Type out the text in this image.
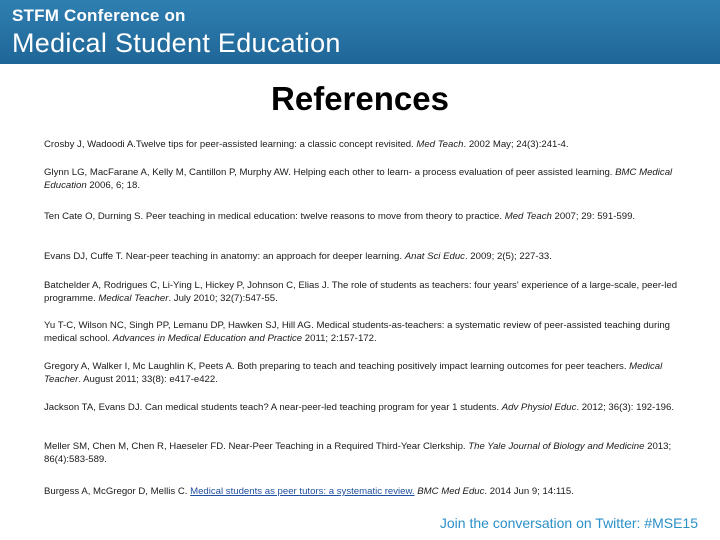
STFM Conference on
Medical Student Education
References
Crosby J, Wadoodi A.Twelve tips for peer-assisted learning: a classic concept revisited. Med Teach. 2002 May; 24(3):241-4.
Glynn LG, MacFarane A, Kelly M, Cantillon P, Murphy AW. Helping each other to learn- a process evaluation of peer assisted learning. BMC Medical Education 2006, 6; 18.
Ten Cate O, Durning S. Peer teaching in medical education: twelve reasons to move from theory to practice. Med Teach 2007; 29: 591-599.
Evans DJ, Cuffe T. Near-peer teaching in anatomy: an approach for deeper learning. Anat Sci Educ. 2009; 2(5); 227-33.
Batchelder A, Rodrigues C, Li-Ying L, Hickey P, Johnson C, Elias J. The role of students as teachers: four years' experience of a large-scale, peer-led programme. Medical Teacher. July 2010; 32(7):547-55.
Yu T-C, Wilson NC, Singh PP, Lemanu DP, Hawken SJ, Hill AG. Medical students-as-teachers: a systematic review of peer-assisted teaching during medical school. Advances in Medical Education and Practice 2011; 2:157-172.
Gregory A, Walker I, Mc Laughlin K, Peets A. Both preparing to teach and teaching positively impact learning outcomes for peer teachers. Medical Teacher. August 2011; 33(8): e417-e422.
Jackson TA, Evans DJ. Can medical students teach? A near-peer-led teaching program for year 1 students. Adv Physiol Educ. 2012; 36(3): 192-196.
Meller SM, Chen M, Chen R, Haeseler FD. Near-Peer Teaching in a Required Third-Year Clerkship. The Yale Journal of Biology and Medicine 2013; 86(4):583-589.
Burgess A, McGregor D, Mellis C. Medical students as peer tutors: a systematic review. BMC Med Educ. 2014 Jun 9; 14:115.
Join the conversation on Twitter: #MSE15
